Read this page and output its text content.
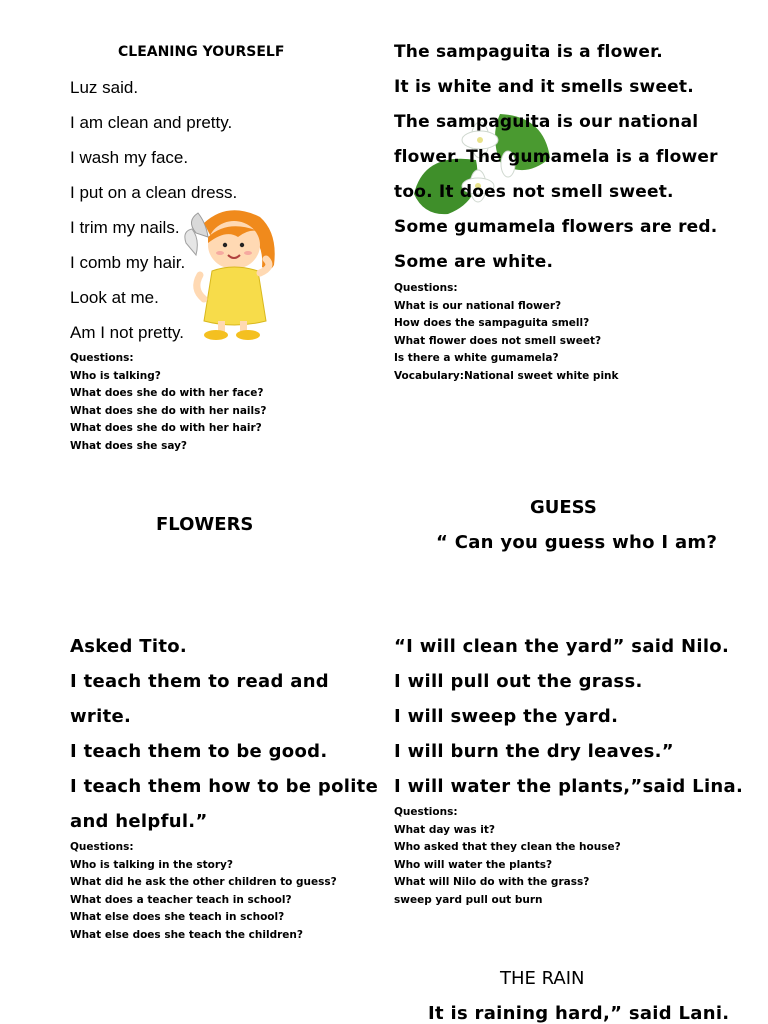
CLEANING YOURSELF
Luz said.
I am clean and pretty.
I wash my face.
I put on a clean dress.
I trim my nails.
I comb my hair.
Look at me.
Am I not pretty.
Questions:
Who is talking?
What does she do with her face?
What does she do with her nails?
What does she do with her hair?
What does she say?
The sampaguita is a flower.
It is white and it smells sweet.
The sampaguita is our national
flower. The gumamela is a flower
too. It does not smell sweet.
Some gumamela flowers are red.
Some are white.
Questions:
What is our national flower?
How does the sampaguita smell?
What flower does not smell sweet?
Is there a white gumamela?
Vocabulary:National sweet white pink
FLOWERS
GUESS
“ Can you guess who I am?
Asked Tito.
I teach them to read and
write.
I teach them to be good.
I teach them how to be polite
and helpful.”
Questions:
Who is talking in the story?
What did he ask the other children to guess?
What does a teacher teach in school?
What else does she teach in school?
What else does she teach the children?
“I will clean the yard” said Nilo.
I will pull out the grass.
I will sweep the yard.
I will burn the dry leaves.”
I will water the plants,”said Lina.
Questions:
What day was it?
Who asked that they clean the house?
Who will water the plants?
What will Nilo do with the grass?
sweep yard pull out burn
THE RAIN
It is raining hard,” said Lani.
